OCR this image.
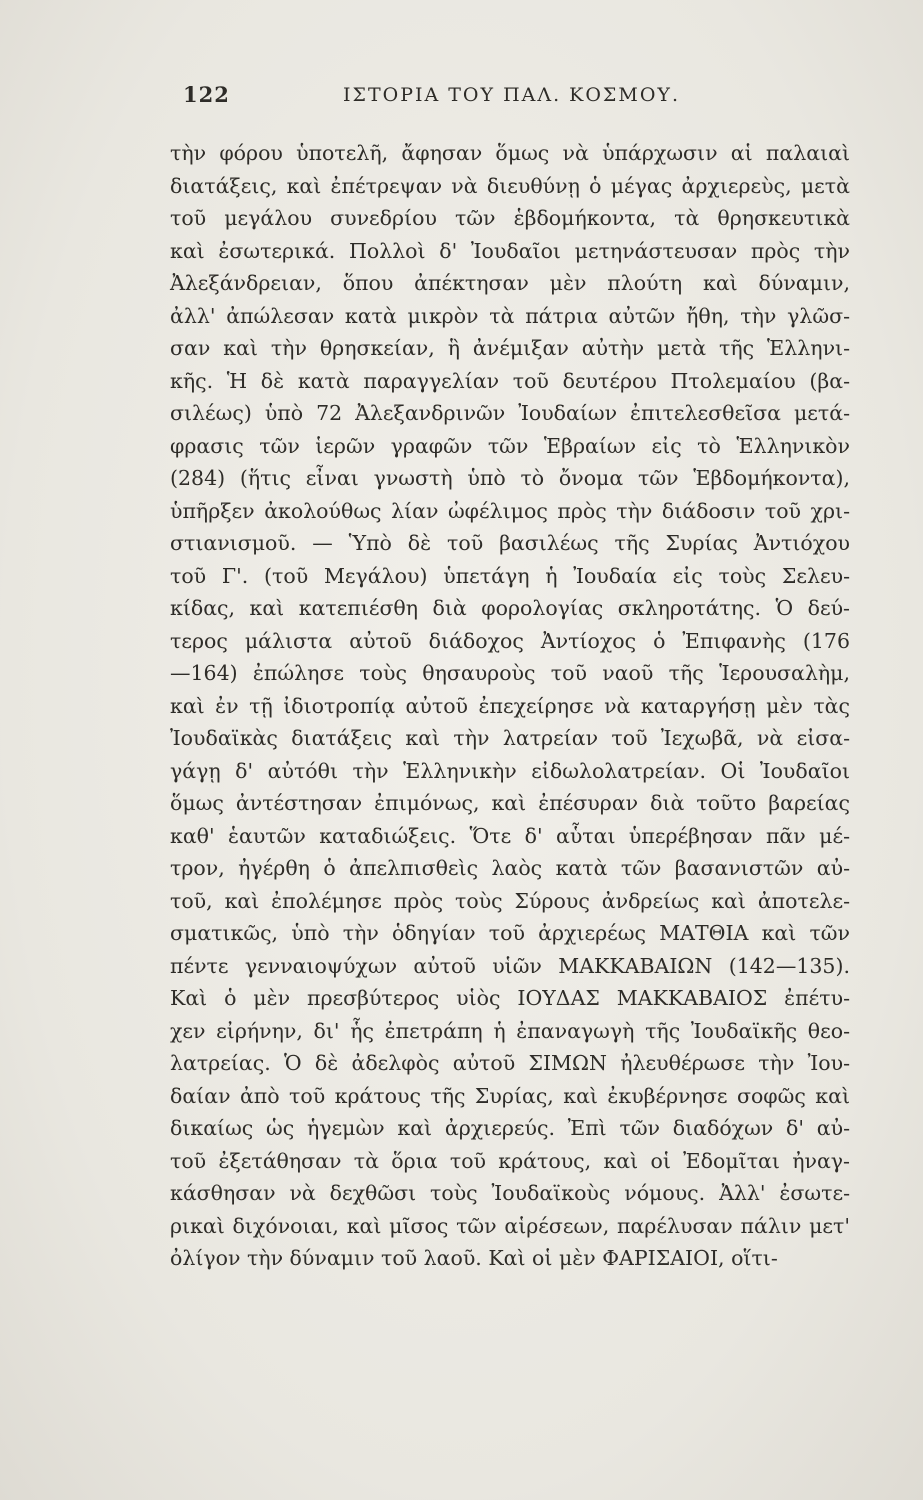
122	ΙΣΤΟΡΙΑ ΤΟΥ ΠΑΛ. ΚΟΣΜΟΥ.
τὴν φόρου ὑποτελῆ, ἄφησαν ὅμως νὰ ὑπάρχωσιν αἱ παλαιαὶ
διατάξεις, καὶ ἐπέτρεψαν νὰ διευθύνῃ ὁ μέγας ἀρχιερεὺς, μετὰ
τοῦ μεγάλου συνεδρίου τῶν ἑβδομήκοντα, τὰ θρησκευτικὰ
καὶ ἐσωτερικά. Πολλοὶ δ' Ἰουδαῖοι μετηνάστευσαν πρὸς τὴν
Ἀλεξάνδρειαν, ὅπου ἀπέκτησαν μὲν πλούτη καὶ δύναμιν,
ἀλλ' ἀπώλεσαν κατὰ μικρὸν τὰ πάτρια αὐτῶν ἤθη, τὴν γλῶσ-
σαν καὶ τὴν θρησκείαν, ἣ ἀνέμιξαν αὐτὴν μετὰ τῆς Ἑλληνι-
κῆς. Ἡ δὲ κατὰ παραγγελίαν τοῦ δευτέρου Πτολεμαίου (βα-
σιλέως) ὑπὸ 72 Ἀλεξανδρινῶν Ἰουδαίων ἐπιτελεσθεῖσα μετά-
φρασις τῶν ἱερῶν γραφῶν τῶν Ἑβραίων εἰς τὸ Ἑλληνικὸν
(284) (ἥτις εἶναι γνωστὴ ὑπὸ τὸ ὄνομα τῶν Ἑβδομήκοντα),
ὑπῆρξεν ἀκολούθως λίαν ὠφέλιμος πρὸς τὴν διάδοσιν τοῦ χρι-
στιανισμοῦ. — Ὑπὸ δὲ τοῦ βασιλέως τῆς Συρίας Ἀντιόχου
τοῦ Γ'. (τοῦ Μεγάλου) ὑπετάγη ἡ Ἰουδαία εἰς τοὺς Σελευ-
κίδας, καὶ κατεπιέσθη διὰ φορολογίας σκληροτάτης. Ὁ δεύ-
τερος μάλιστα αὐτοῦ διάδοχος Ἀντίοχος ὁ Ἐπιφανὴς (176
—164) ἐπώλησε τοὺς θησαυροὺς τοῦ ναοῦ τῆς Ἱερουσαλὴμ,
καὶ ἐν τῇ ἰδιοτροπίᾳ αὐτοῦ ἐπεχείρησε νὰ καταργήσῃ μὲν τὰς
Ἰουδαϊκὰς διατάξεις καὶ τὴν λατρείαν τοῦ Ἰεχωβᾶ, νὰ εἰσα-
γάγῃ δ' αὐτόθι τὴν Ἑλληνικὴν εἰδωλολατρείαν. Οἱ Ἰουδαῖοι
ὅμως ἀντέστησαν ἐπιμόνως, καὶ ἐπέσυραν διὰ τοῦτο βαρείας
καθ' ἑαυτῶν καταδιώξεις. Ὅτε δ' αὗται ὑπερέβησαν πᾶν μέ-
τρον, ἠγέρθη ὁ ἀπελπισθεὶς λαὸς κατὰ τῶν βασανιστῶν αὐ-
τοῦ, καὶ ἐπολέμησε πρὸς τοὺς Σύρους ἀνδρείως καὶ ἀποτελε-
σματικῶς, ὑπὸ τὴν ὁδηγίαν τοῦ ἀρχιερέως ΜΑΤΘΙΑ καὶ τῶν
πέντε γενναιοψύχων αὐτοῦ υἱῶν ΜΑΚΚΑΒΑΙΩΝ (142—135).
Καὶ ὁ μὲν πρεσβύτερος υἱὸς ΙΟΥΔΑΣ ΜΑΚΚΑΒΑΙΟΣ ἐπέτυ-
χεν εἰρήνην, δι' ἧς ἐπετράπη ἡ ἐπαναγωγὴ τῆς Ἰουδαϊκῆς θεο-
λατρείας. Ὁ δὲ ἀδελφὸς αὐτοῦ ΣΙΜΩΝ ἠλευθέρωσε τὴν Ἰου-
δαίαν ἀπὸ τοῦ κράτους τῆς Συρίας, καὶ ἐκυβέρνησε σοφῶς καὶ
δικαίως ὡς ἡγεμὼν καὶ ἀρχιερεύς. Ἐπὶ τῶν διαδόχων δ' αὐ-
τοῦ ἐξετάθησαν τὰ ὅρια τοῦ κράτους, καὶ οἱ Ἐδομῖται ἠναγ-
κάσθησαν νὰ δεχθῶσι τοὺς Ἰουδαϊκοὺς νόμους. Ἀλλ' ἐσωτε-
ρικαὶ διχόνοιαι, καὶ μῖσος τῶν αἱρέσεων, παρέλυσαν πάλιν μετ'
ὀλίγον τὴν δύναμιν τοῦ λαοῦ. Καὶ οἱ μὲν ΦΑΡΙΣΑΙΟΙ, οἵτι-
